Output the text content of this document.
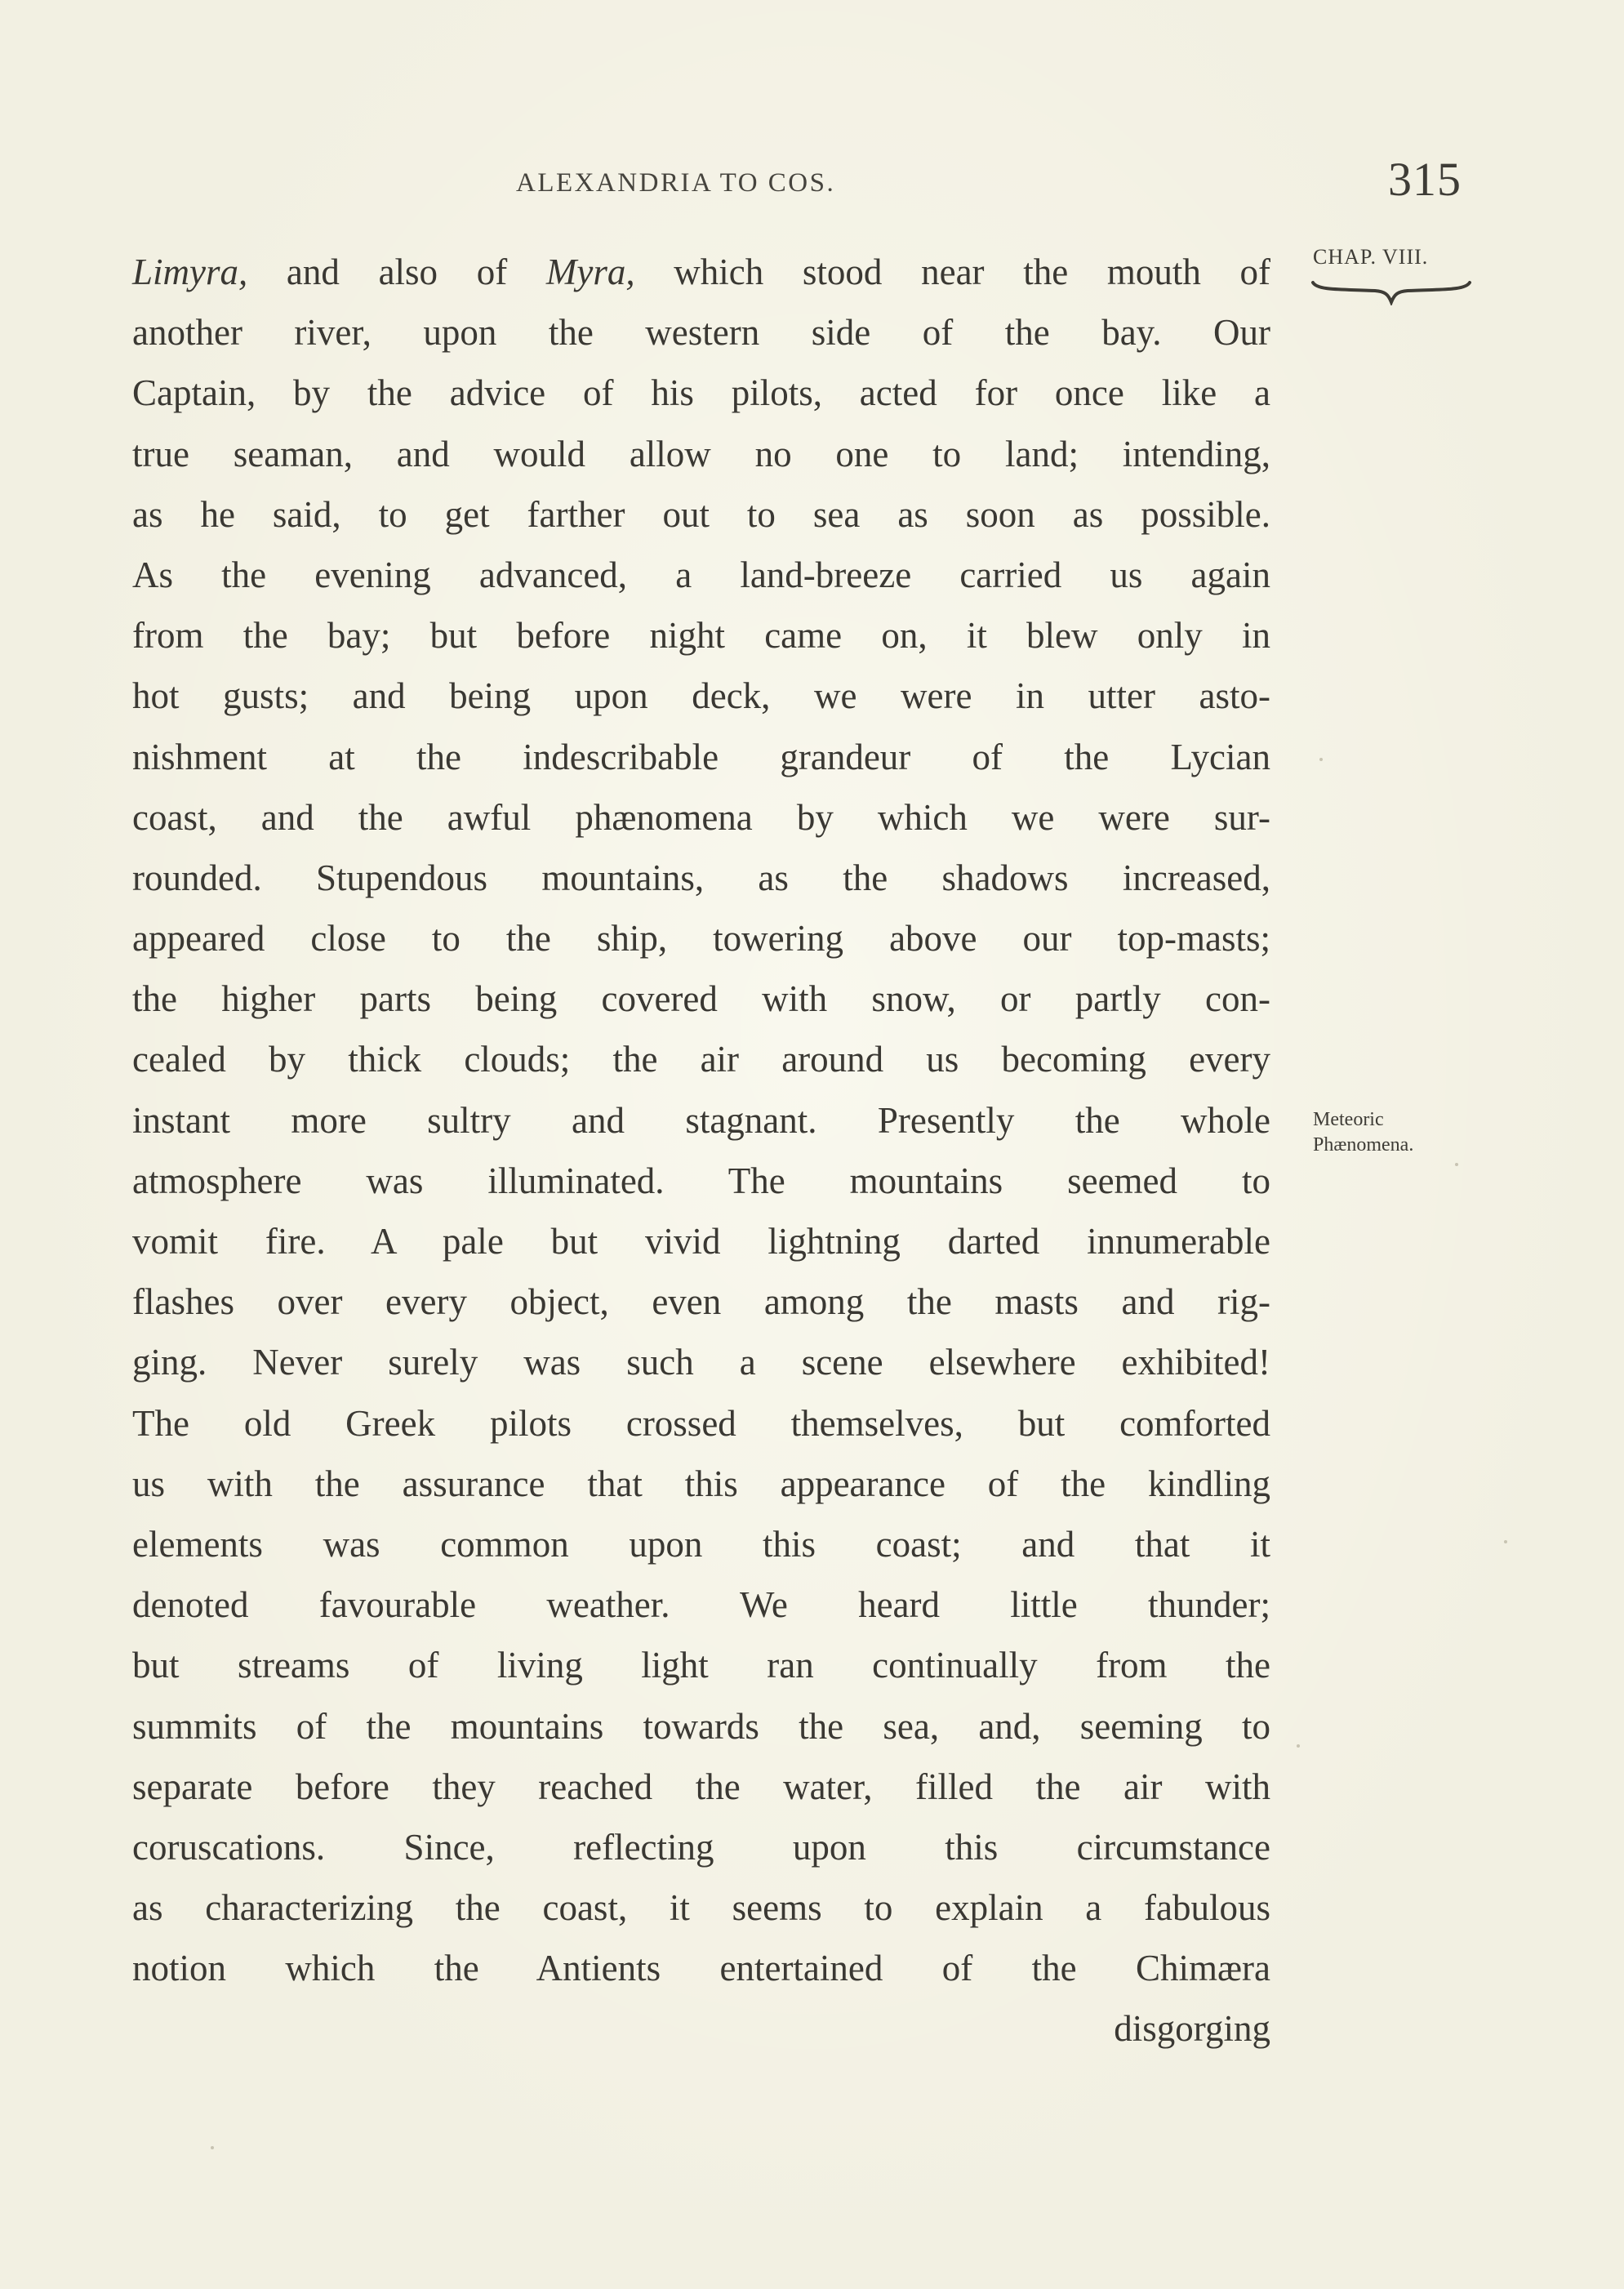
ALEXANDRIA TO COS.	315
CHAP. VIII.
Meteoric
Phænomena.
Limyra, and also of Myra, which stood near the mouth of
another river, upon the western side of the bay. Our
Captain, by the advice of his pilots, acted for once like a
true seaman, and would allow no one to land; intending,
as he said, to get farther out to sea as soon as possible.
As the evening advanced, a land-breeze carried us again
from the bay; but before night came on, it blew only in
hot gusts; and being upon deck, we were in utter asto-
nishment at the indescribable grandeur of the Lycian
coast, and the awful phænomena by which we were sur-
rounded. Stupendous mountains, as the shadows increased,
appeared close to the ship, towering above our top-masts;
the higher parts being covered with snow, or partly con-
cealed by thick clouds; the air around us becoming every
instant more sultry and stagnant. Presently the whole
atmosphere was illuminated. The mountains seemed to
vomit fire. A pale but vivid lightning darted innumerable
flashes over every object, even among the masts and rig-
ging. Never surely was such a scene elsewhere exhibited!
The old Greek pilots crossed themselves, but comforted
us with the assurance that this appearance of the kindling
elements was common upon this coast; and that it
denoted favourable weather. We heard little thunder;
but streams of living light ran continually from the
summits of the mountains towards the sea, and, seeming to
separate before they reached the water, filled the air with
coruscations. Since, reflecting upon this circumstance
as characterizing the coast, it seems to explain a fabulous
notion which the Antients entertained of the Chimæra
disgorging
